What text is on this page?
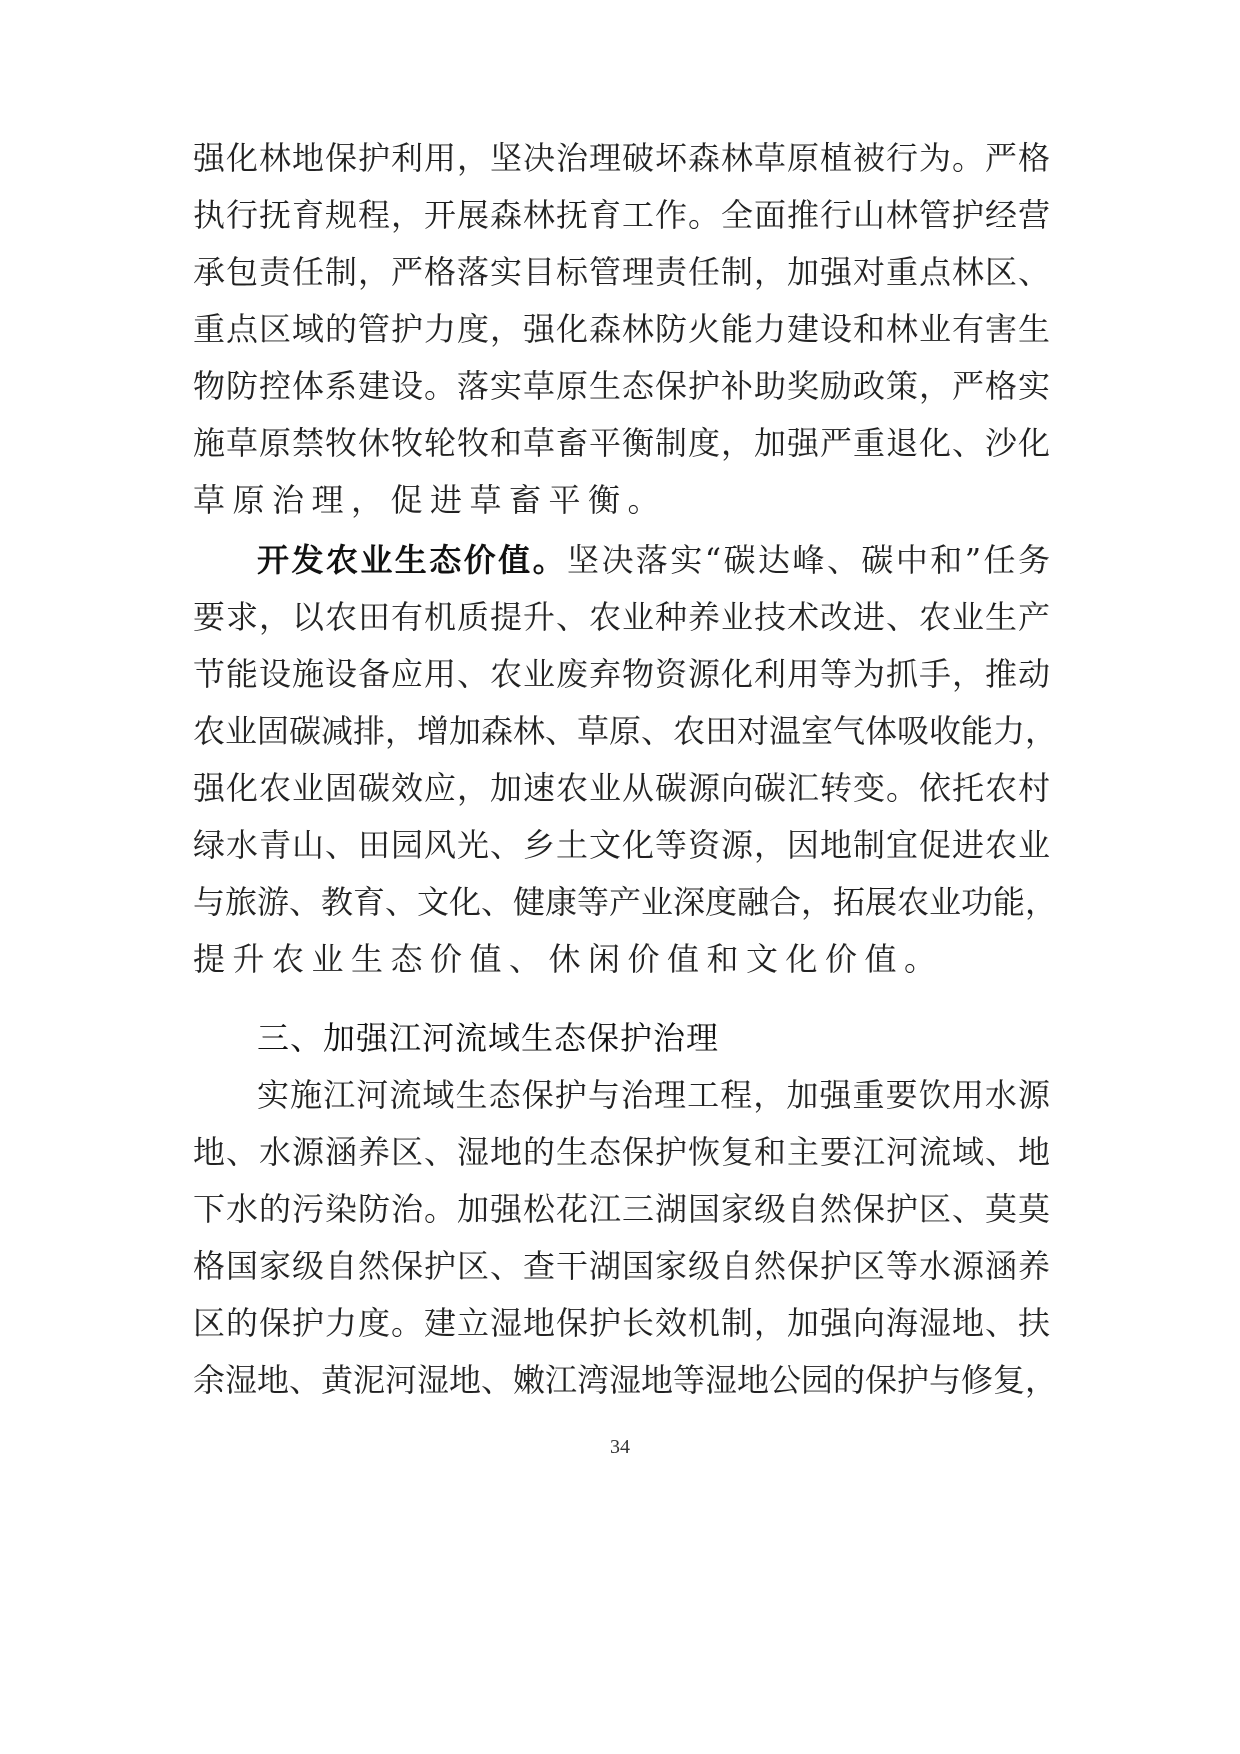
强化林地保护利用，坚决治理破坏森林草原植被行为。严格
执行抚育规程，开展森林抚育工作。全面推行山林管护经营
承包责任制，严格落实目标管理责任制，加强对重点林区、
重点区域的管护力度，强化森林防火能力建设和林业有害生
物防控体系建设。落实草原生态保护补助奖励政策，严格实
施草原禁牧休牧轮牧和草畜平衡制度，加强严重退化、沙化
草原治理，促进草畜平衡。
开发农业生态价值。坚决落实“碳达峰、碳中和”任务
要求，以农田有机质提升、农业种养业技术改进、农业生产
节能设施设备应用、农业废弃物资源化利用等为抓手，推动
农业固碳减排，增加森林、草原、农田对温室气体吸收能力，
强化农业固碳效应，加速农业从碳源向碳汇转变。依托农村
绿水青山、田园风光、乡土文化等资源，因地制宜促进农业
与旅游、教育、文化、健康等产业深度融合，拓展农业功能，
提升农业生态价值、休闲价值和文化价值。
三、加强江河流域生态保护治理
实施江河流域生态保护与治理工程，加强重要饮用水源
地、水源涵养区、湿地的生态保护恢复和主要江河流域、地
下水的污染防治。加强松花江三湖国家级自然保护区、莫莫
格国家级自然保护区、查干湖国家级自然保护区等水源涵养
区的保护力度。建立湿地保护长效机制，加强向海湿地、扶
余湿地、黄泥河湿地、嫩江湾湿地等湿地公园的保护与修复，
34
